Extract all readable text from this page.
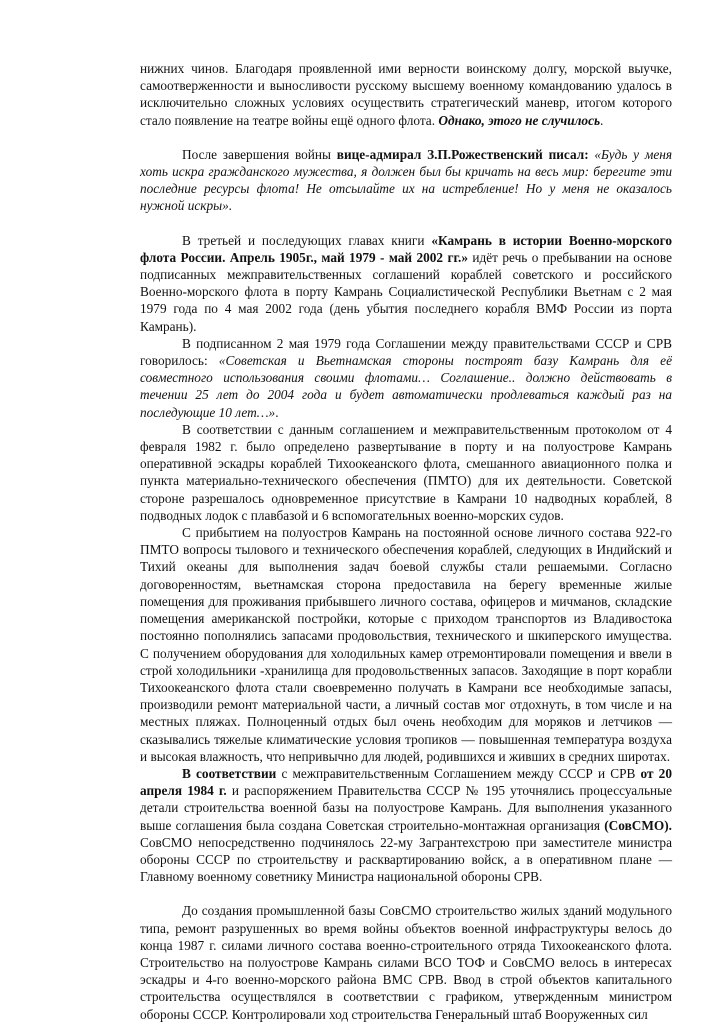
нижних чинов. Благодаря проявленной ими верности воинскому долгу, морской выучке, самоотверженности и выносливости русскому высшему военному командованию удалось в исключительно сложных условиях осуществить стратегический маневр, итогом которого стало появление на театре войны ещё одного флота. Однако, этого не случилось.

После завершения войны вице-адмирал З.П.Рожественский писал: «Будь у меня хоть искра гражданского мужества, я должен был бы кричать на весь мир: берегите эти последние ресурсы флота! Не отсылайте их на истребление! Но у меня не оказалось нужной искры».

В третьей и последующих главах книги «Камрань в истории Военно-морского флота России. Апрель 1905г., май 1979 - май 2002 гг.» идёт речь о пребывании на основе подписанных межправительственных соглашений кораблей советского и российского Военно-морского флота в порту Камрань Социалистической Республики Вьетнам с 2 мая 1979 года по 4 мая 2002 года (день убытия последнего корабля ВМФ России из порта Камрань).

В подписанном 2 мая 1979 года Соглашении между правительствами СССР и СРВ говорилось: «Советская и Вьетнамская стороны построят базу Камрань для её совместного использования своими флотами… Соглашение.. должно действовать в течении 25 лет до 2004 года и будет автоматически продлеваться каждый раз на последующие 10 лет…».

В соответствии с данным соглашением и межправительственным протоколом от 4 февраля 1982 г. было определено развертывание в порту и на полуострове Камрань оперативной эскадры кораблей Тихоокеанского флота, смешанного авиационного полка и пункта материально-технического обеспечения (ПМТО) для их деятельности. Советской стороне разрешалось одновременное присутствие в Камрани 10 надводных кораблей, 8 подводных лодок с плавбазой и 6 вспомогательных военно-морских судов.

С прибытием на полуостров Камрань на постоянной основе личного состава 922-го ПМТО вопросы тылового и технического обеспечения кораблей, следующих в Индийский и Тихий океаны для выполнения задач боевой службы стали решаемыми. Согласно договоренностям, вьетнамская сторона предоставила на берегу временные жилые помещения для проживания прибывшего личного состава, офицеров и мичманов, складские помещения американской постройки, которые с приходом транспортов из Владивостока постоянно пополнялись запасами продовольствия, технического и шкиперского имущества. С получением оборудования для холодильных камер отремонтировали помещения и ввели в строй холодильники -хранилища для продовольственных запасов. Заходящие в порт корабли Тихоокеанского флота стали своевременно получать в Камрани все необходимые запасы, производили ремонт материальной части, а личный состав мог отдохнуть, в том числе и на местных пляжах. Полноценный отдых был очень необходим для моряков и летчиков — сказывались тяжелые климатические условия тропиков — повышенная температура воздуха и высокая влажность, что непривычно для людей, родившихся и живших в средних широтах.

В соответствии с межправительственным Соглашением между СССР и СРВ от 20 апреля 1984 г. и распоряжением Правительства СССР № 195 уточнялись процессуальные детали строительства военной базы на полуострове Камрань. Для выполнения указанного выше соглашения была создана Советская строительно-монтажная организация (СовСМО). СовСМО непосредственно подчинялось 22-му Загрантехстрою при заместителе министра обороны СССР по строительству и расквартированию войск, а в оперативном плане — Главному военному советнику Министра национальной обороны СРВ.

До создания промышленной базы СовСМО строительство жилых зданий модульного типа, ремонт разрушенных во время войны объектов военной инфраструктуры велось до конца 1987 г. силами личного состава военно-строительного отряда Тихоокеанского флота. Строительство на полуострове Камрань силами ВСО ТОФ и СовСМО велось в интересах эскадры и 4-го военно-морского района ВМС СРВ. Ввод в строй объектов капитального строительства осуществлялся в соответствии с графиком, утвержденным министром обороны СССР. Контролировали ход строительства Генеральный штаб Вооруженных сил
